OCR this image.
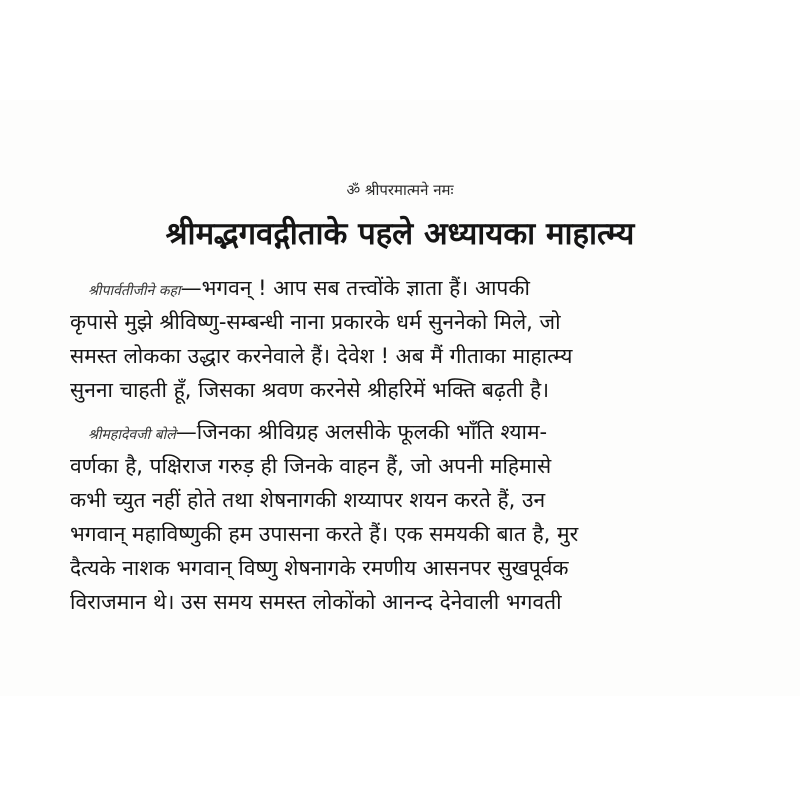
ॐ श्रीपरमात्मने नमः
श्रीमद्भगवद्गीताके पहले अध्यायका माहात्म्य
श्रीपार्वतीजीने कहा—भगवन् ! आप सब तत्त्वोंके ज्ञाता हैं। आपकी
कृपासे मुझे श्रीविष्णु-सम्बन्धी नाना प्रकारके धर्म सुननेको मिले, जो
समस्त लोकका उद्धार करनेवाले हैं। देवेश ! अब मैं गीताका माहात्म्य
सुनना चाहती हूँ, जिसका श्रवण करनेसे श्रीहरिमें भक्ति बढ़ती है।
श्रीमहादेवजी बोले—जिनका श्रीविग्रह अलसीके फूलकी भाँति श्याम-
वर्णका है, पक्षिराज गरुड़ ही जिनके वाहन हैं, जो अपनी महिमासे
कभी च्युत नहीं होते तथा शेषनागकी शय्यापर शयन करते हैं, उन
भगवान् महाविष्णुकी हम उपासना करते हैं। एक समयकी बात है, मुर
दैत्यके नाशक भगवान् विष्णु शेषनागके रमणीय आसनपर सुखपूर्वक
विराजमान थे। उस समय समस्त लोकोंको आनन्द देनेवाली भगवती
